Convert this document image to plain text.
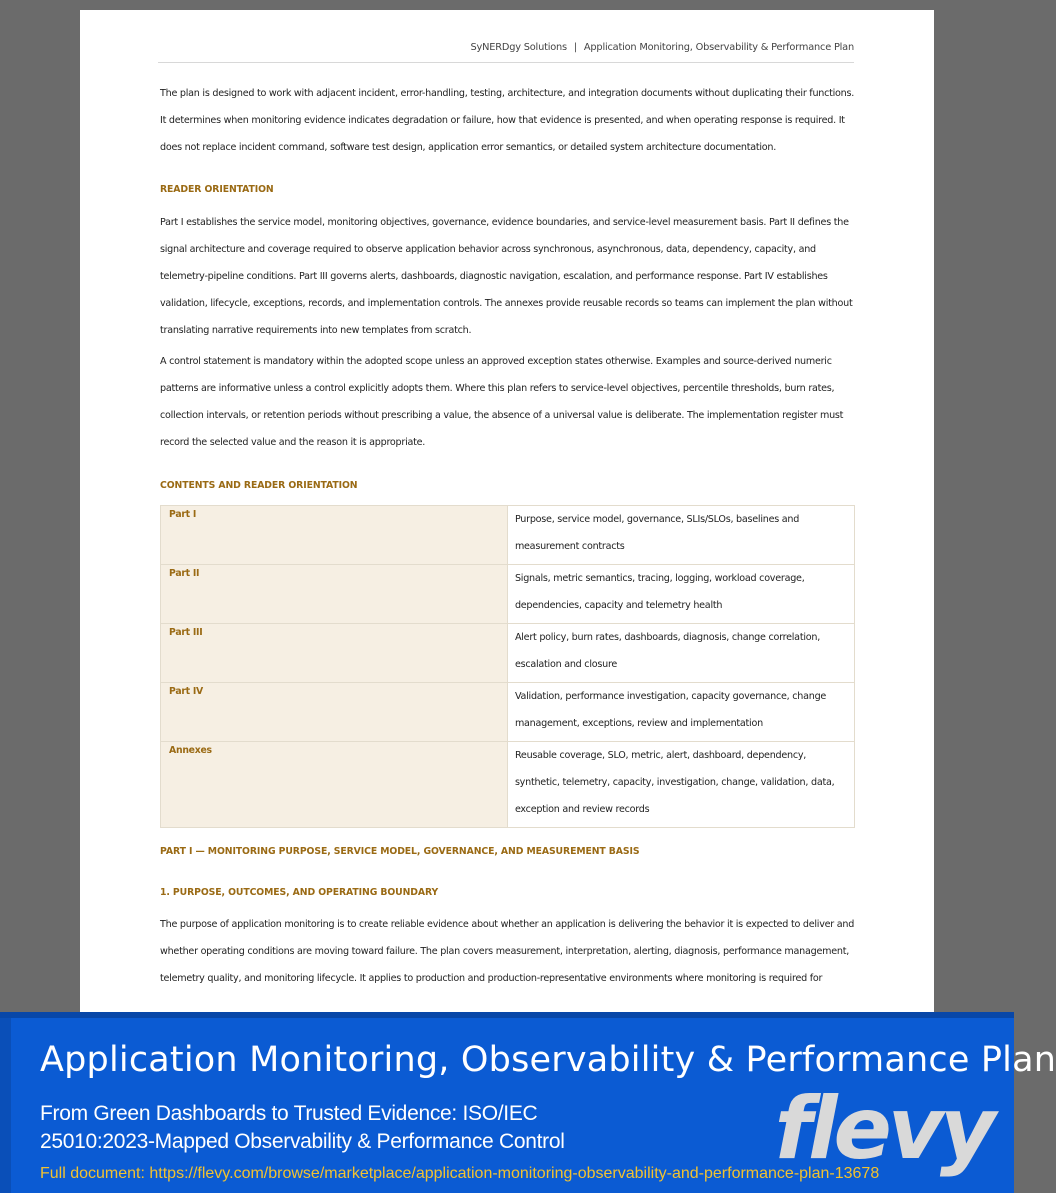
SyNERDgy Solutions | Application Monitoring, Observability & Performance Plan

The plan is designed to work with adjacent incident, error-handling, testing, architecture, and integration documents without duplicating their functions. It determines when monitoring evidence indicates degradation or failure, how that evidence is presented, and when operating response is required. It does not replace incident command, software test design, application error semantics, or detailed system architecture documentation.

READER ORIENTATION

Part I establishes the service model, monitoring objectives, governance, evidence boundaries, and service-level measurement basis. Part II defines the signal architecture and coverage required to observe application behavior across synchronous, asynchronous, data, dependency, capacity, and telemetry-pipeline conditions. Part III governs alerts, dashboards, diagnostic navigation, escalation, and performance response. Part IV establishes validation, lifecycle, exceptions, records, and implementation controls. The annexes provide reusable records so teams can implement the plan without translating narrative requirements into new templates from scratch.

A control statement is mandatory within the adopted scope unless an approved exception states otherwise. Examples and source-derived numeric patterns are informative unless a control explicitly adopts them. Where this plan refers to service-level objectives, percentile thresholds, burn rates, collection intervals, or retention periods without prescribing a value, the absence of a universal value is deliberate. The implementation register must record the selected value and the reason it is appropriate.

CONTENTS AND READER ORIENTATION

Part I	Purpose, service model, governance, SLIs/SLOs, baselines and measurement contracts
Part II	Signals, metric semantics, tracing, logging, workload coverage, dependencies, capacity and telemetry health
Part III	Alert policy, burn rates, dashboards, diagnosis, change correlation, escalation and closure
Part IV	Validation, performance investigation, capacity governance, change management, exceptions, review and implementation
Annexes	Reusable coverage, SLO, metric, alert, dashboard, dependency, synthetic, telemetry, capacity, investigation, change, validation, data, exception and review records

PART I — MONITORING PURPOSE, SERVICE MODEL, GOVERNANCE, AND MEASUREMENT BASIS

1. PURPOSE, OUTCOMES, AND OPERATING BOUNDARY

The purpose of application monitoring is to create reliable evidence about whether an application is delivering the behavior it is expected to deliver and whether operating conditions are moving toward failure. The plan covers measurement, interpretation, alerting, diagnosis, performance management, telemetry quality, and monitoring lifecycle. It applies to production and production-representative environments where monitoring is required for

Application Monitoring, Observability & Performance Plan
From Green Dashboards to Trusted Evidence: ISO/IEC 25010:2023-Mapped Observability & Performance Control
Full document: https://flevy.com/browse/marketplace/application-monitoring-observability-and-performance-plan-13678
flevy
